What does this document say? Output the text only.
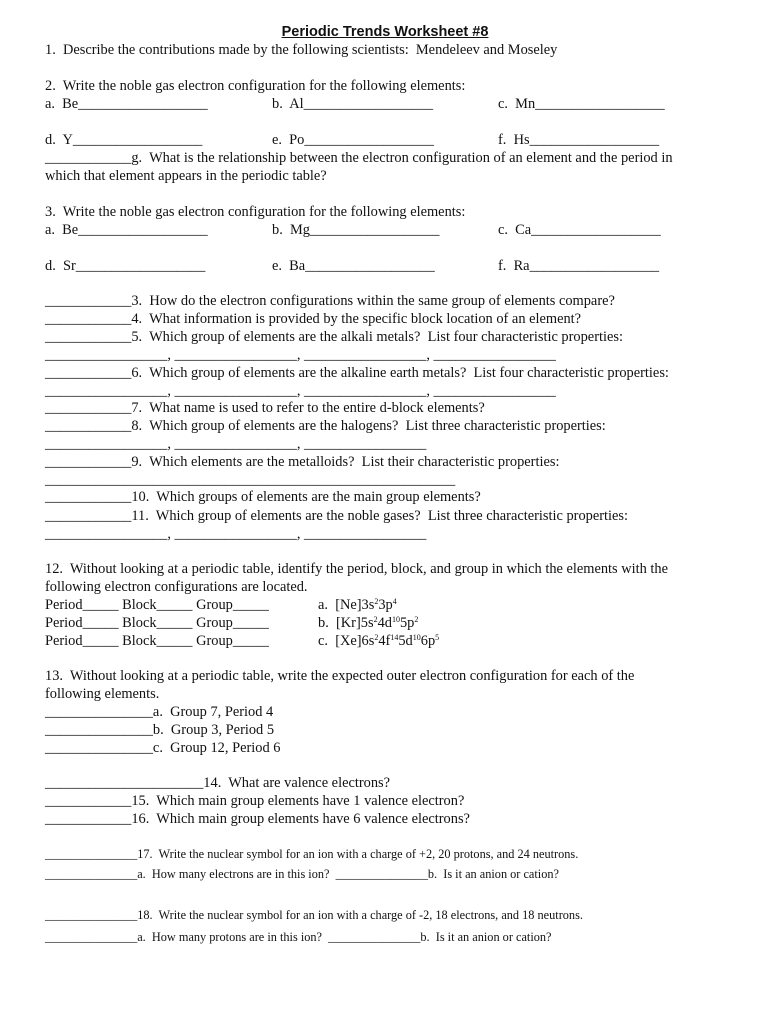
Periodic Trends Worksheet #8
1.  Describe the contributions made by the following scientists:  Mendeleev and Moseley
2.  Write the noble gas electron configuration for the following elements:
a.  Be__________________	b.  Al__________________	c.  Mn__________________
d.  Y__________________	e.  Po__________________	f.  Hs__________________
____________g.  What is the relationship between the electron configuration of an element and the period in
which that element appears in the periodic table?
3.  Write the noble gas electron configuration for the following elements:
a.  Be__________________	b.  Mg__________________	c.  Ca__________________
d.  Sr__________________	e.  Ba__________________	f.  Ra__________________
____________3.  How do the electron configurations within the same group of elements compare?
____________4.  What information is provided by the specific block location of an element?
____________5.  Which group of elements are the alkali metals?  List four characteristic properties:
_________________, _________________, _________________, _________________
____________6.  Which group of elements are the alkaline earth metals?  List four characteristic properties:
_________________, _________________, _________________, _________________
____________7.  What name is used to refer to the entire d-block elements?
____________8.  Which group of elements are the halogens?  List three characteristic properties:
_________________, _________________, _________________
____________9.  Which elements are the metalloids?  List their characteristic properties:
_________________________________________________________
____________10.  Which groups of elements are the main group elements?
____________11.  Which group of elements are the noble gases?  List three characteristic properties:
_________________, _________________, _________________
12.  Without looking at a periodic table, identify the period, block, and group in which the elements with the
following electron configurations are located.
Period_____ Block_____ Group_____	a.  $[Ne]3s^23p^4$
Period_____ Block_____ Group_____	b.  $[Kr]5s^24d^{10}5p^2$
Period_____ Block_____ Group_____	c.  $[Xe]6s^24f^{14}5d^{10}6p^5$
13.  Without looking at a periodic table, write the expected outer electron configuration for each of the
following elements.
_______________a.  Group 7, Period 4
_______________b.  Group 3, Period 5
_______________c.  Group 12, Period 6
______________________14.  What are valence electrons?
____________15.  Which main group elements have 1 valence electron?
____________16.  Which main group elements have 6 valence electrons?
_______________17.  Write the nuclear symbol for an ion with a charge of +2, 20 protons, and 24 neutrons.
_______________a.  How many electrons are in this ion?  _______________b.  Is it an anion or cation?
_______________18.  Write the nuclear symbol for an ion with a charge of -2, 18 electrons, and 18 neutrons.
_______________a.  How many protons are in this ion?  _______________b.  Is it an anion or cation?
